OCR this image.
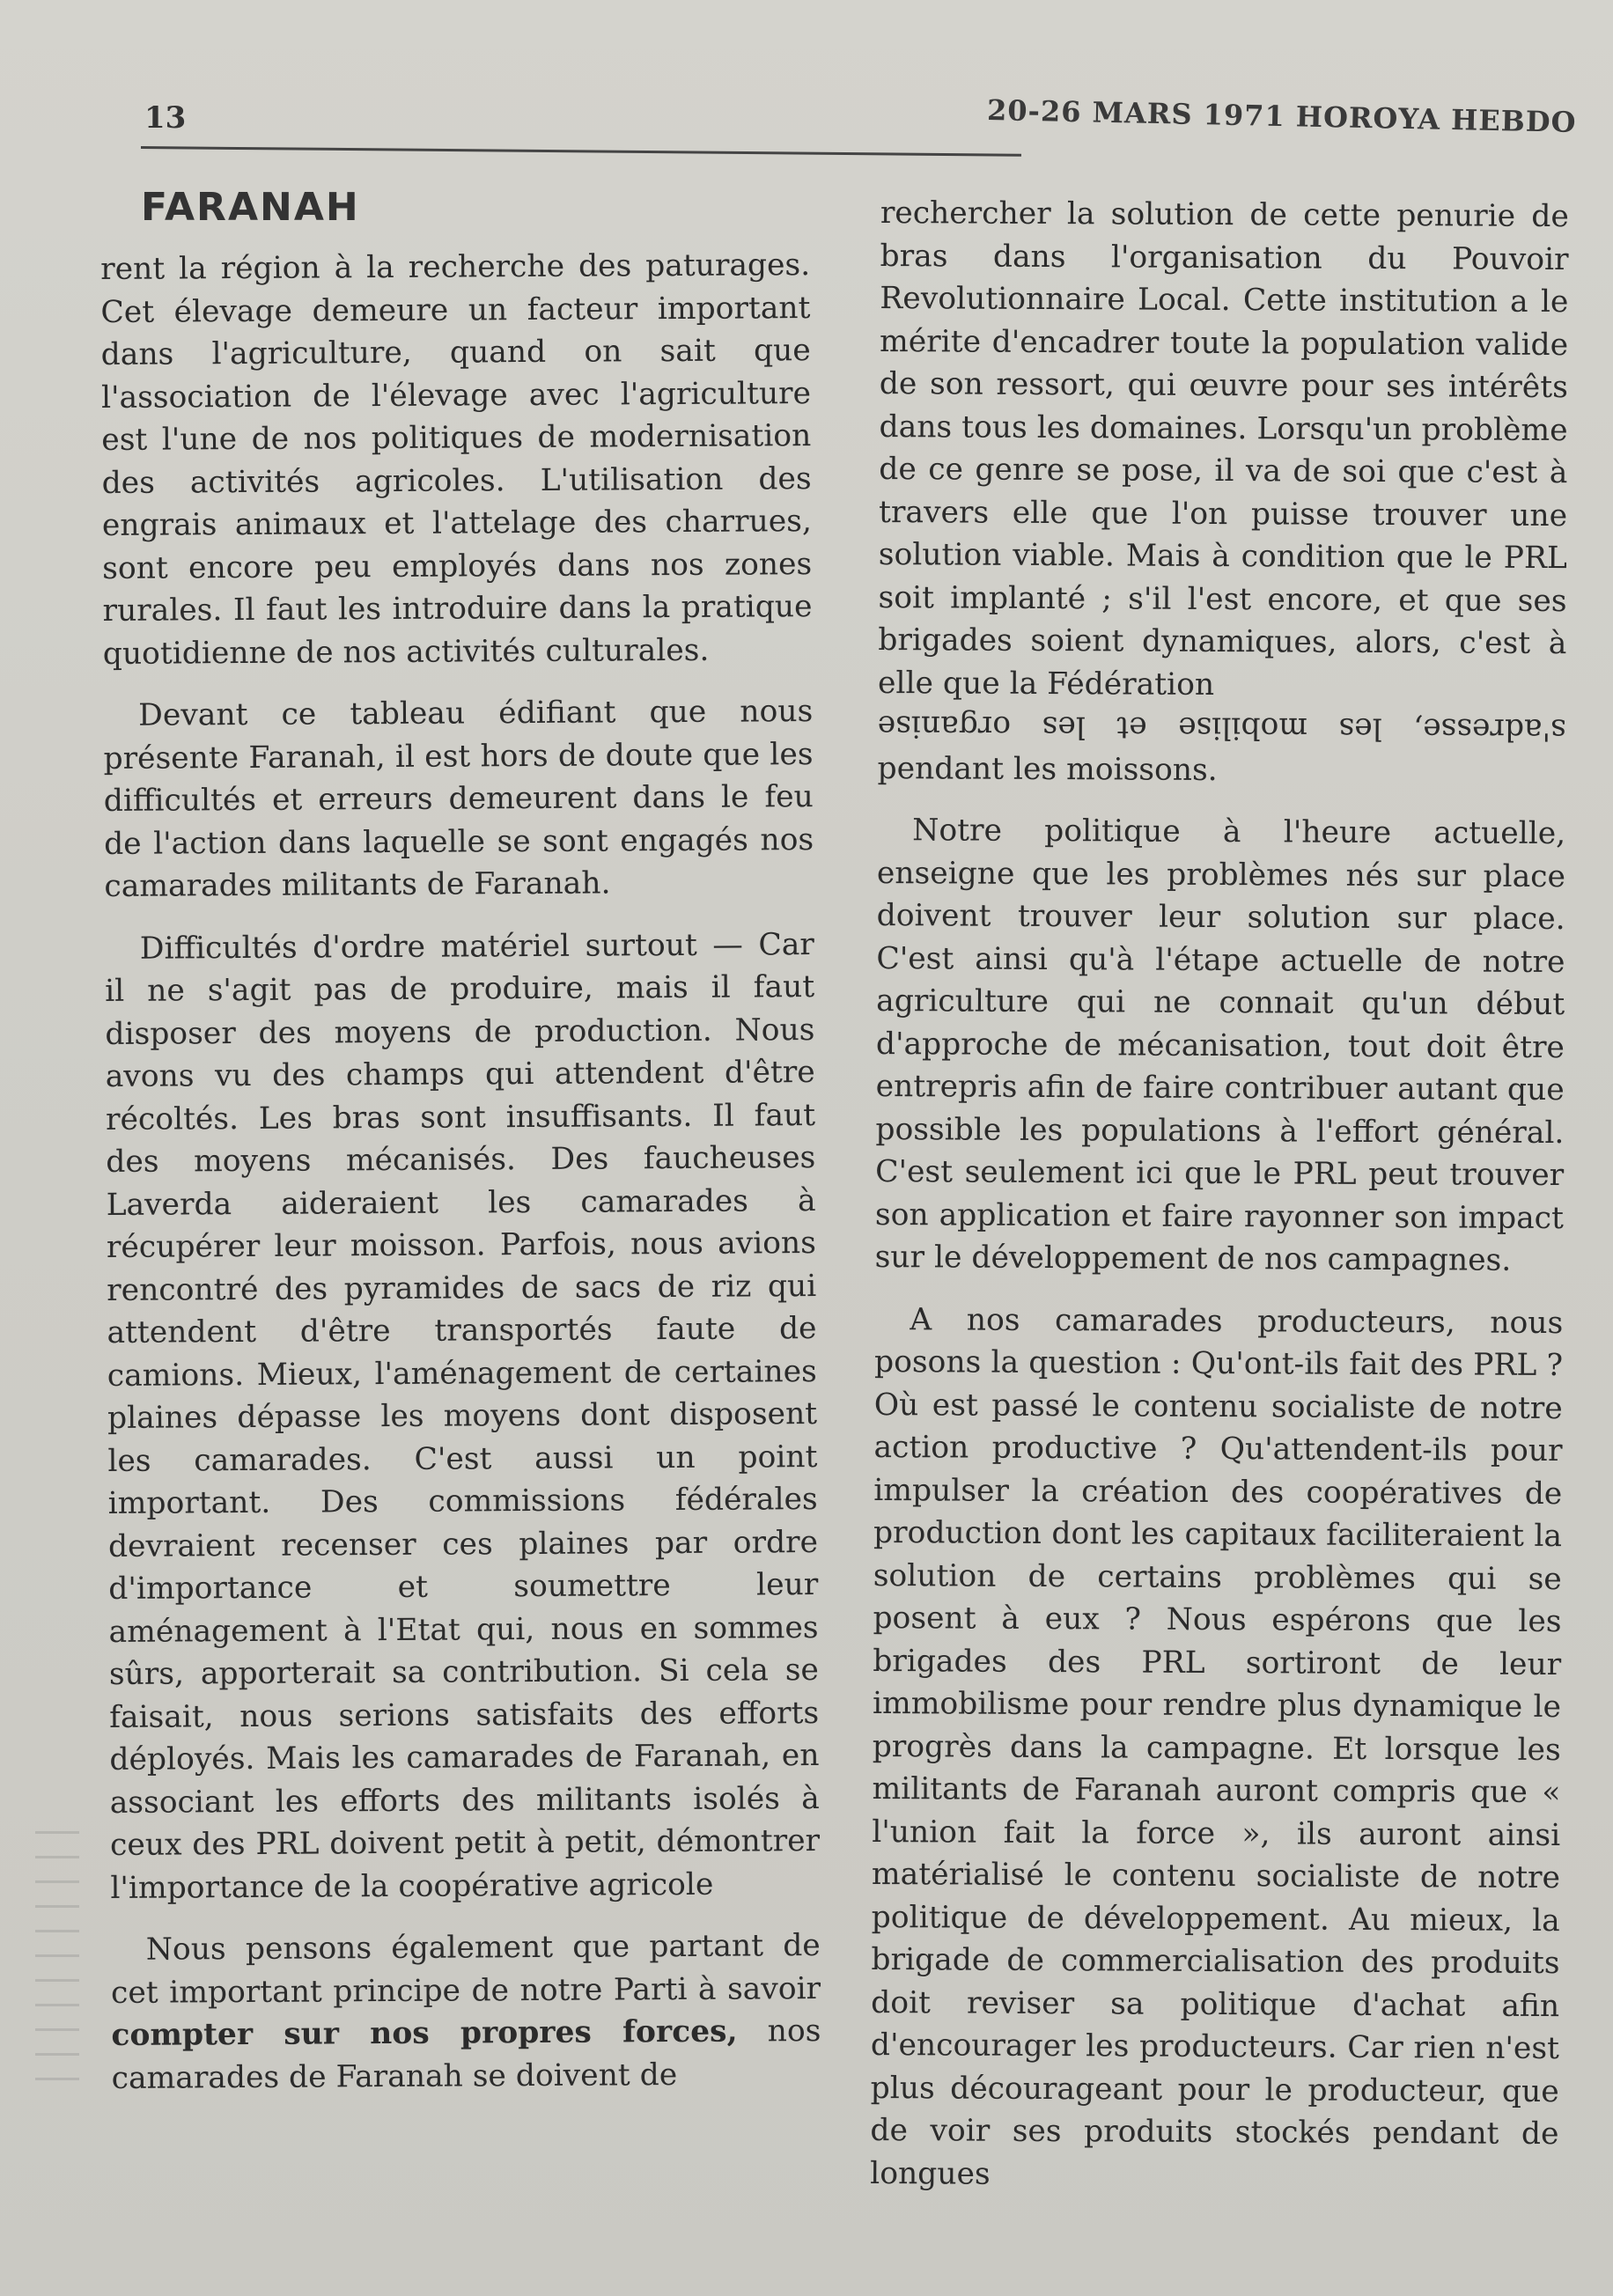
13	20-26 MARS 1971 HOROYA HEBDO
FARANAH

rent la région à la recherche des paturages. Cet élevage demeure un facteur important dans l'agriculture, quand on sait que l'association de l'élevage avec l'agriculture est l'une de nos politiques de modernisation des activités agricoles. L'utilisation des engrais animaux et l'attelage des charrues, sont encore peu employés dans nos zones rurales. Il faut les introduire dans la pratique quotidienne de nos activités culturales.

Devant ce tableau édifiant que nous présente Faranah, il est hors de doute que les difficultés et erreurs demeurent dans le feu de l'action dans laquelle se sont engagés nos camarades militants de Faranah.

Difficultés d'ordre matériel surtout — Car il ne s'agit pas de produire, mais il faut disposer des moyens de production. Nous avons vu des champs qui attendent d'être récoltés. Les bras sont insuffisants. Il faut des moyens mécanisés. Des faucheuses Laverda aideraient les camarades à récupérer leur moisson. Parfois, nous avions rencontré des pyramides de sacs de riz qui attendent d'être transportés faute de camions. Mieux, l'aménagement de certaines plaines dépasse les moyens dont disposent les camarades. C'est aussi un point important. Des commissions fédérales devraient recenser ces plaines par ordre d'importance et soumettre leur aménagement à l'Etat qui, nous en sommes sûrs, apporterait sa contribution. Si cela se faisait, nous serions satisfaits des efforts déployés. Mais les camarades de Faranah, en associant les efforts des militants isolés à ceux des PRL doivent petit à petit, démontrer l'importance de la coopérative agricole

Nous pensons également que partant de cet important principe de notre Parti à savoir compter sur nos propres forces, nos camarades de Faranah se doivent de

rechercher la solution de cette penurie de bras dans l'organisation du Pouvoir Revolutionnaire Local. Cette institution a le mérite d'encadrer toute la population valide de son ressort, qui œuvre pour ses intérêts dans tous les domaines. Lorsqu'un problème de ce genre se pose, il va de soi que c'est à travers elle que l'on puisse trouver une solution viable. Mais à condition que le PRL soit implanté ; s'il l'est encore, et que ses brigades soient dynamiques, alors, c'est à elle que la Fédération
s'adresse, les mobilise et les organise
pendant les moissons.

Notre politique à l'heure actuelle, enseigne que les problèmes nés sur place doivent trouver leur solution sur place. C'est ainsi qu'à l'étape actuelle de notre agriculture qui ne connait qu'un début d'approche de mécanisation, tout doit être entrepris afin de faire contribuer autant que possible les populations à l'effort général. C'est seulement ici que le PRL peut trouver son application et faire rayonner son impact sur le développement de nos campagnes.

A nos camarades producteurs, nous posons la question : Qu'ont-ils fait des PRL ? Où est passé le contenu socialiste de notre action productive ? Qu'attendent-ils pour impulser la création des coopératives de production dont les capitaux faciliteraient la solution de certains problèmes qui se posent à eux ? Nous espérons que les brigades des PRL sortiront de leur immobilisme pour rendre plus dynamique le progrès dans la campagne. Et lorsque les militants de Faranah auront compris que « l'union fait la force », ils auront ainsi matérialisé le contenu socialiste de notre politique de développement. Au mieux, la brigade de commercialisation des produits doit reviser sa politique d'achat afin d'encourager les producteurs. Car rien n'est plus décourageant pour le producteur, que de voir ses produits stockés pendant de longues
